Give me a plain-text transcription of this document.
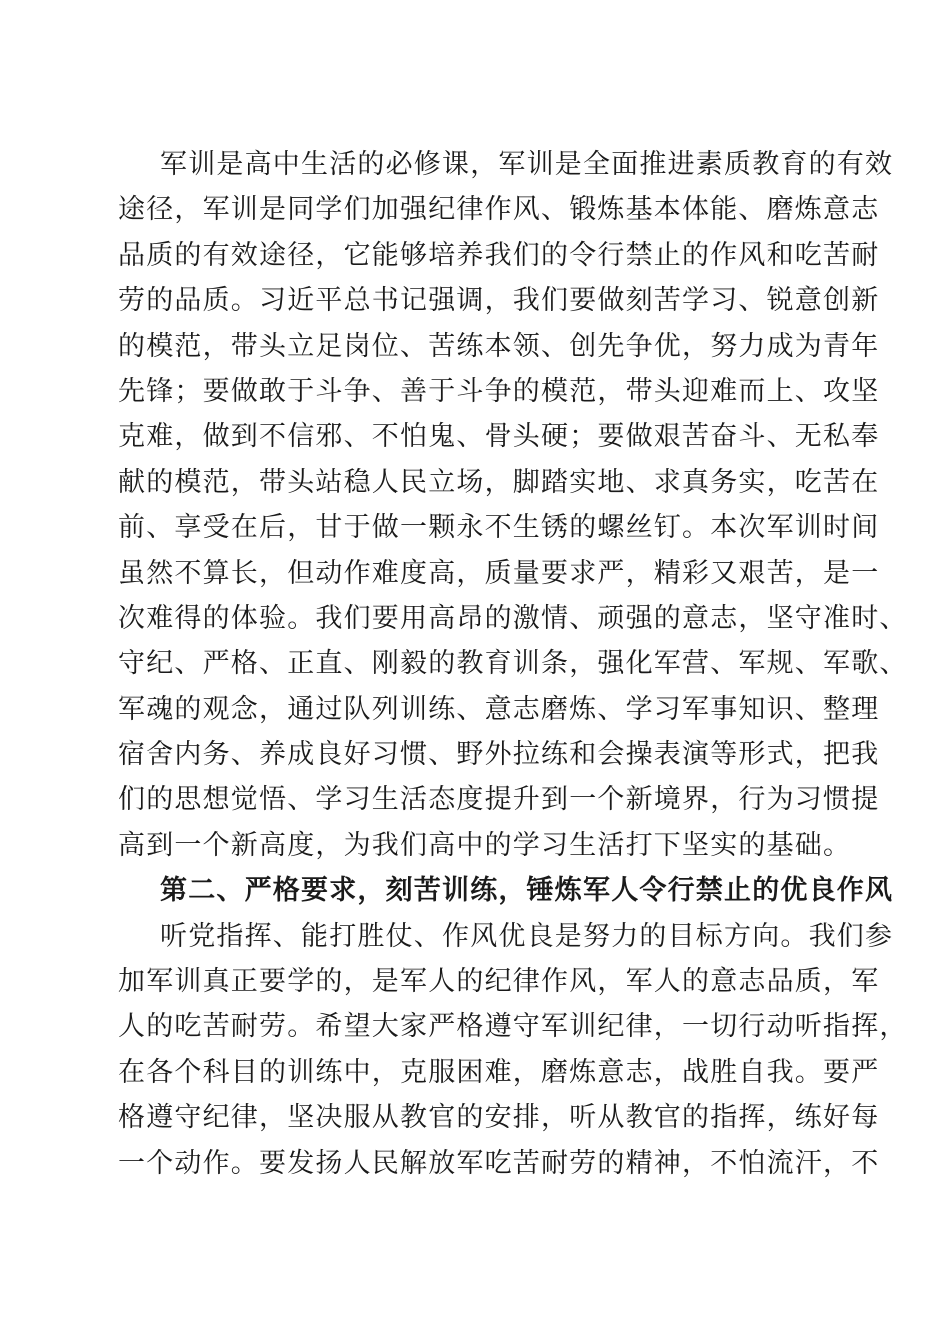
军训是高中生活的必修课，军训是全面推进素质教育的有效
途径，军训是同学们加强纪律作风、锻炼基本体能、磨炼意志
品质的有效途径，它能够培养我们的令行禁止的作风和吃苦耐
劳的品质。习近平总书记强调，我们要做刻苦学习、锐意创新
的模范，带头立足岗位、苦练本领、创先争优，努力成为青年
先锋；要做敢于斗争、善于斗争的模范，带头迎难而上、攻坚
克难，做到不信邪、不怕鬼、骨头硬；要做艰苦奋斗、无私奉
献的模范，带头站稳人民立场，脚踏实地、求真务实，吃苦在
前、享受在后，甘于做一颗永不生锈的螺丝钉。本次军训时间
虽然不算长，但动作难度高，质量要求严，精彩又艰苦，是一
次难得的体验。我们要用高昂的激情、顽强的意志，坚守准时、
守纪、严格、正直、刚毅的教育训条，强化军营、军规、军歌、
军魂的观念，通过队列训练、意志磨炼、学习军事知识、整理
宿舍内务、养成良好习惯、野外拉练和会操表演等形式，把我
们的思想觉悟、学习生活态度提升到一个新境界，行为习惯提
高到一个新高度，为我们高中的学习生活打下坚实的基础。
第二、严格要求，刻苦训练，锤炼军人令行禁止的优良作风
听党指挥、能打胜仗、作风优良是努力的目标方向。我们参
加军训真正要学的，是军人的纪律作风，军人的意志品质，军
人的吃苦耐劳。希望大家严格遵守军训纪律，一切行动听指挥，
在各个科目的训练中，克服困难，磨炼意志，战胜自我。要严
格遵守纪律，坚决服从教官的安排，听从教官的指挥，练好每
一个动作。要发扬人民解放军吃苦耐劳的精神，不怕流汗，不
